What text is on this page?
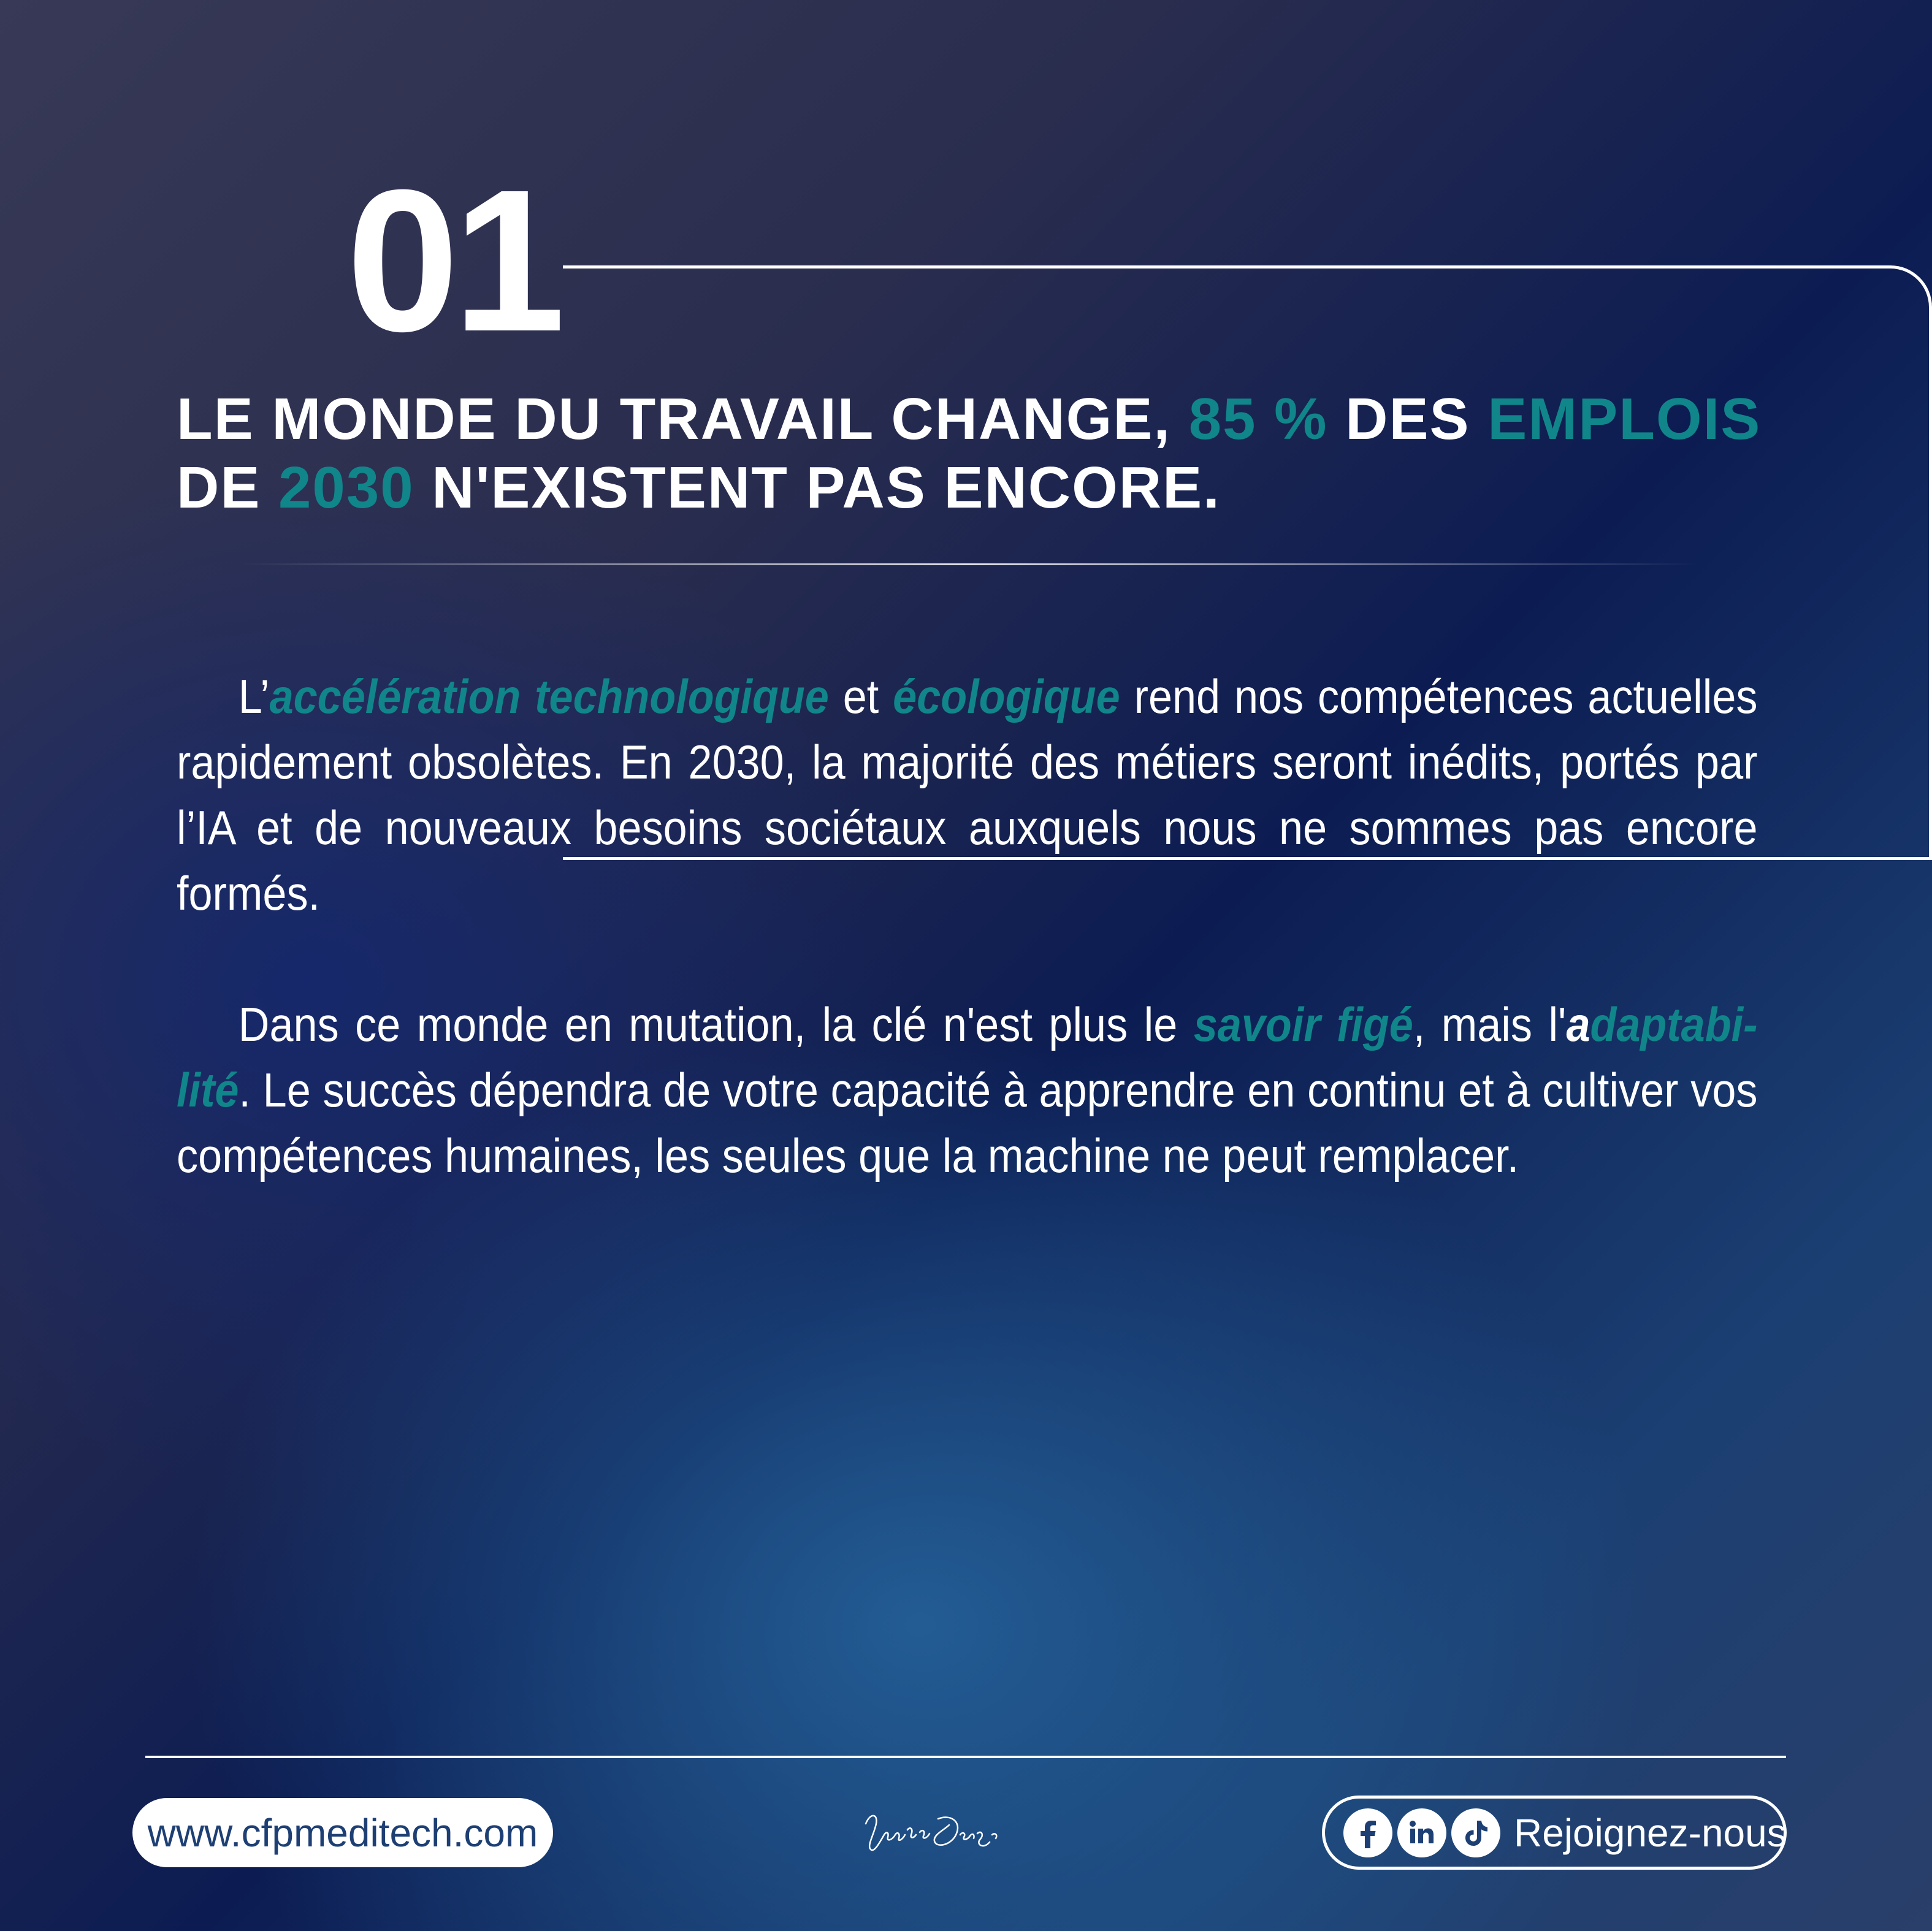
01
LE MONDE DU TRAVAIL CHANGE, 85 % DES EMPLOIS
DE 2030 N'EXISTENT PAS ENCORE.

L’accélération technologique et écologique rend nos compétences actuelles rapidement obsolètes. En 2030, la majorité des métiers seront inédits, portés par l’IA et de nouveaux besoins sociétaux auxquels nous ne sommes pas encore formés.

Dans ce monde en mutation, la clé n'est plus le savoir figé, mais l'adaptabi-lité. Le succès dépendra de votre capacité à apprendre en continu et à cultiver vos compétences humaines, les seules que la machine ne peut remplacer.

www.cfpmeditech.com	Rejoignez-nous
